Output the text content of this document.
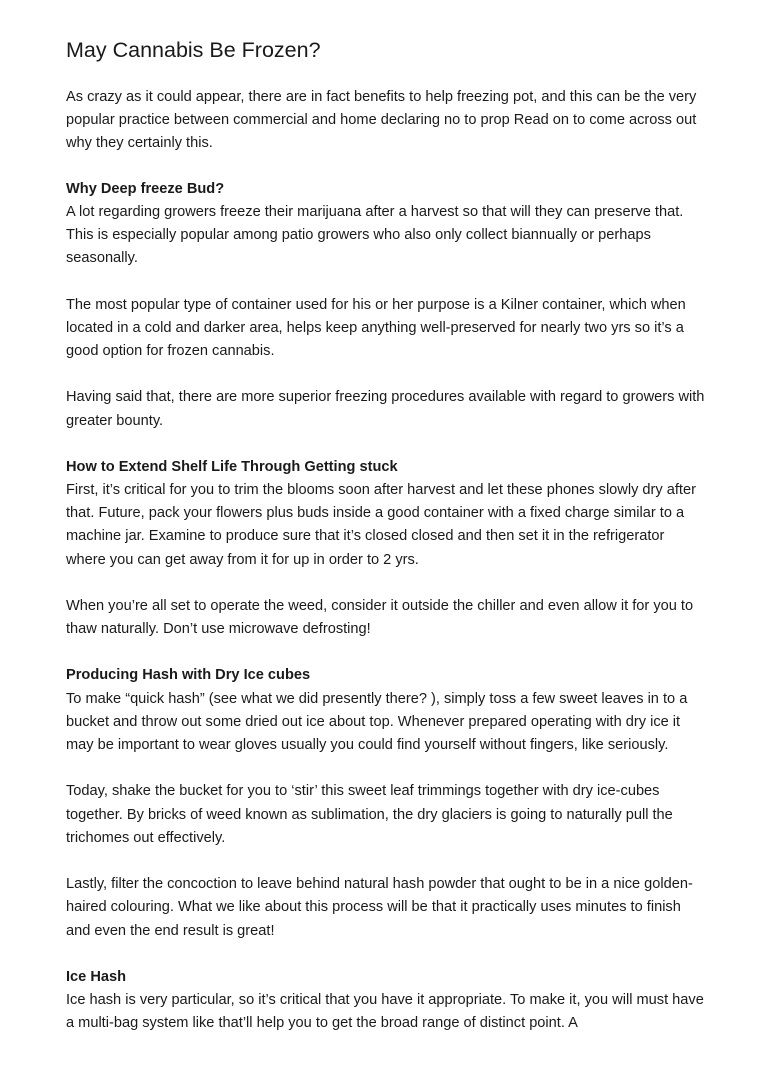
May Cannabis Be Frozen?

As crazy as it could appear, there are in fact benefits to help freezing pot, and this can be the very popular practice between commercial and home declaring no to prop Read on to come across out why they certainly this.

Why Deep freeze Bud?

A lot regarding growers freeze their marijuana after a harvest so that will they can preserve that. This is especially popular among patio growers who also only collect biannually or perhaps seasonally.

The most popular type of container used for his or her purpose is a Kilner container, which when located in a cold and darker area, helps keep anything well-preserved for nearly two yrs so it’s a good option for frozen cannabis.

Having said that, there are more superior freezing procedures available with regard to growers with greater bounty.

How to Extend Shelf Life Through Getting stuck

First, it’s critical for you to trim the blooms soon after harvest and let these phones slowly dry after that. Future, pack your flowers plus buds inside a good container with a fixed charge similar to a machine jar. Examine to produce sure that it’s closed closed and then set it in the refrigerator where you can get away from it for up in order to 2 yrs.

When you’re all set to operate the weed, consider it outside the chiller and even allow it for you to thaw naturally. Don’t use microwave defrosting!

Producing Hash with Dry Ice cubes

To make “quick hash” (see what we did presently there? ), simply toss a few sweet leaves in to a bucket and throw out some dried out ice about top. Whenever prepared operating with dry ice it may be important to wear gloves usually you could find yourself without fingers, like seriously.

Today, shake the bucket for you to ‘stir’ this sweet leaf trimmings together with dry ice-cubes together. By bricks of weed known as sublimation, the dry glaciers is going to naturally pull the trichomes out effectively.

Lastly, filter the concoction to leave behind natural hash powder that ought to be in a nice golden-haired colouring. What we like about this process will be that it practically uses minutes to finish and even the end result is great!

Ice Hash

Ice hash is very particular, so it’s critical that you have it appropriate. To make it, you will must have a multi-bag system like that’ll help you to get the broad range of distinct point. A
